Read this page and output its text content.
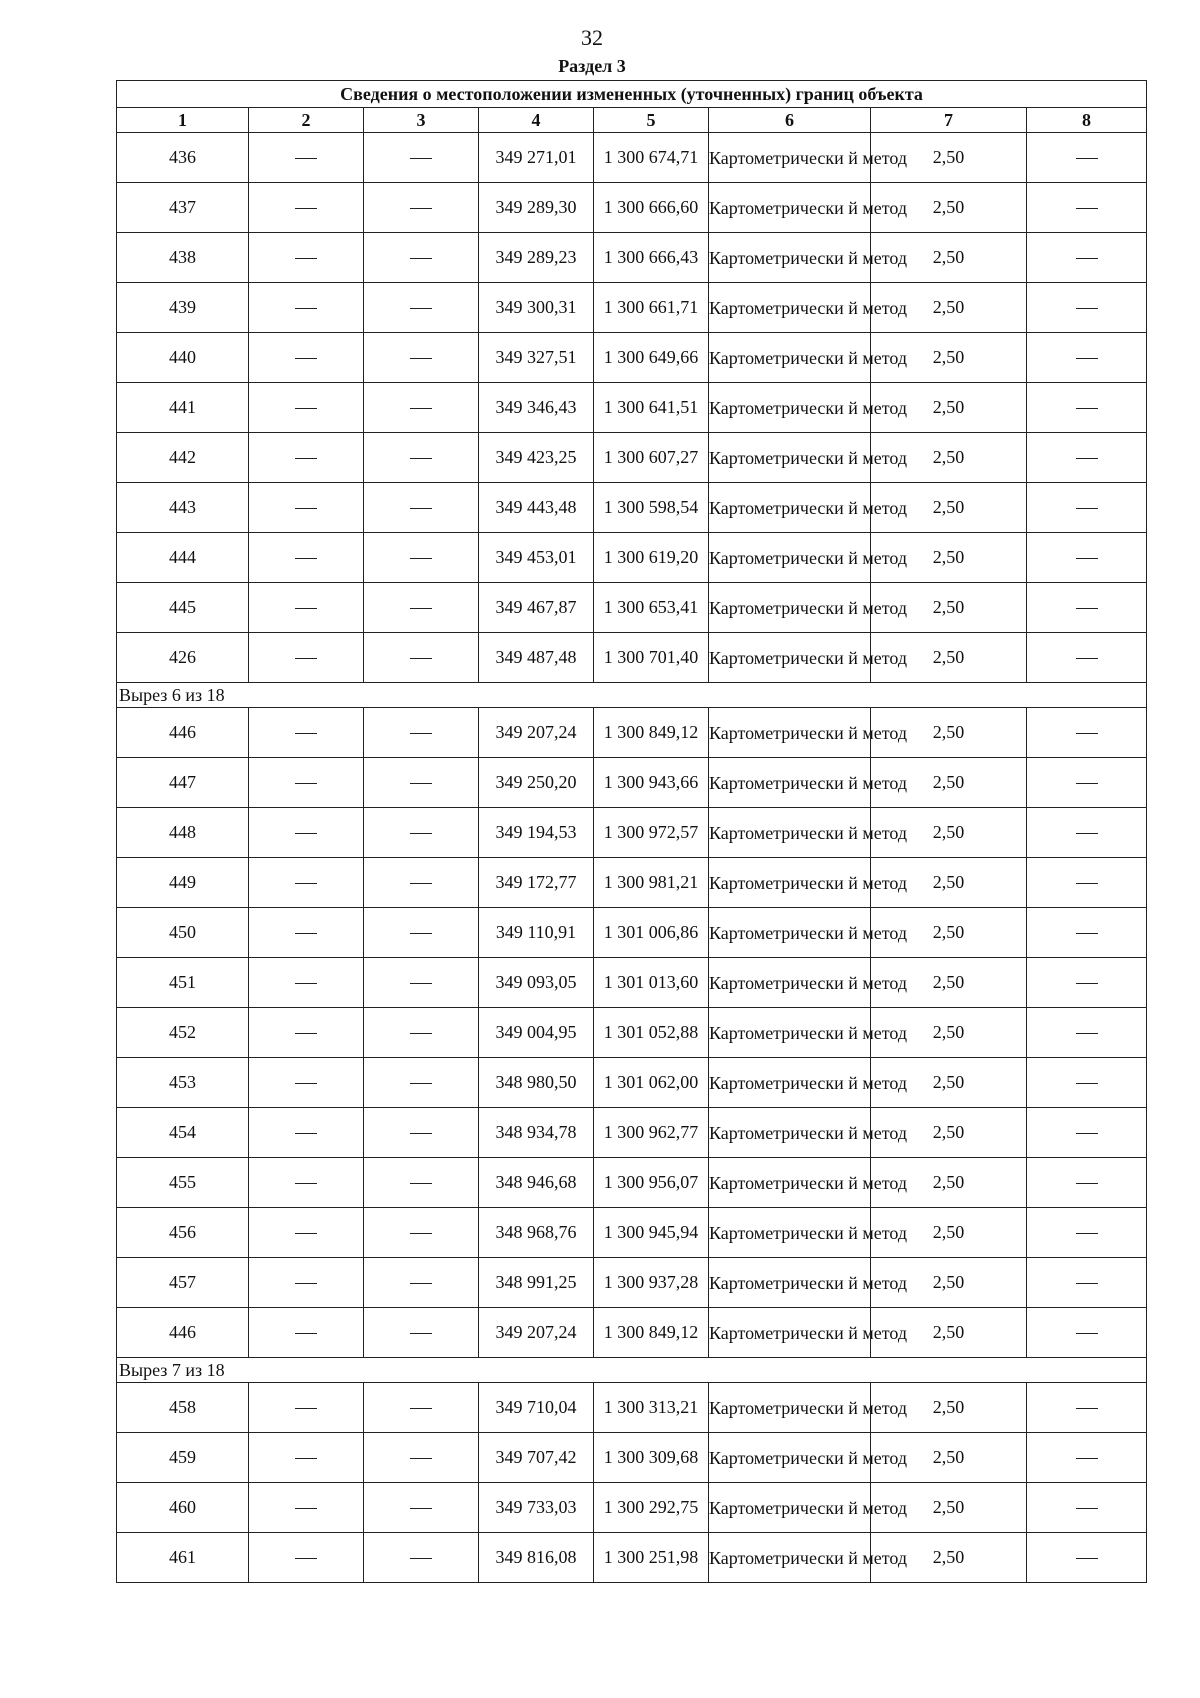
32
Раздел 3
Сведения о местоположении измененных (уточненных) границ объекта							
1	2	3	4	5	6	7	8
436			349 271,01	1 300 674,71	Картометрически й метод	2,50	
437			349 289,30	1 300 666,60	Картометрически й метод	2,50	
438			349 289,23	1 300 666,43	Картометрически й метод	2,50	
439			349 300,31	1 300 661,71	Картометрически й метод	2,50	
440			349 327,51	1 300 649,66	Картометрически й метод	2,50	
441			349 346,43	1 300 641,51	Картометрически й метод	2,50	
442			349 423,25	1 300 607,27	Картометрически й метод	2,50	
443			349 443,48	1 300 598,54	Картометрически й метод	2,50	
444			349 453,01	1 300 619,20	Картометрически й метод	2,50	
445			349 467,87	1 300 653,41	Картометрически й метод	2,50	
426			349 487,48	1 300 701,40	Картометрически й метод	2,50	
Вырез 6 из 18							
446			349 207,24	1 300 849,12	Картометрически й метод	2,50	
447			349 250,20	1 300 943,66	Картометрически й метод	2,50	
448			349 194,53	1 300 972,57	Картометрически й метод	2,50	
449			349 172,77	1 300 981,21	Картометрически й метод	2,50	
450			349 110,91	1 301 006,86	Картометрически й метод	2,50	
451			349 093,05	1 301 013,60	Картометрически й метод	2,50	
452			349 004,95	1 301 052,88	Картометрически й метод	2,50	
453			348 980,50	1 301 062,00	Картометрически й метод	2,50	
454			348 934,78	1 300 962,77	Картометрически й метод	2,50	
455			348 946,68	1 300 956,07	Картометрически й метод	2,50	
456			348 968,76	1 300 945,94	Картометрически й метод	2,50	
457			348 991,25	1 300 937,28	Картометрически й метод	2,50	
446			349 207,24	1 300 849,12	Картометрически й метод	2,50	
Вырез 7 из 18							
458			349 710,04	1 300 313,21	Картометрически й метод	2,50	
459			349 707,42	1 300 309,68	Картометрически й метод	2,50	
460			349 733,03	1 300 292,75	Картометрически й метод	2,50	
461			349 816,08	1 300 251,98	Картометрически й метод	2,50	
